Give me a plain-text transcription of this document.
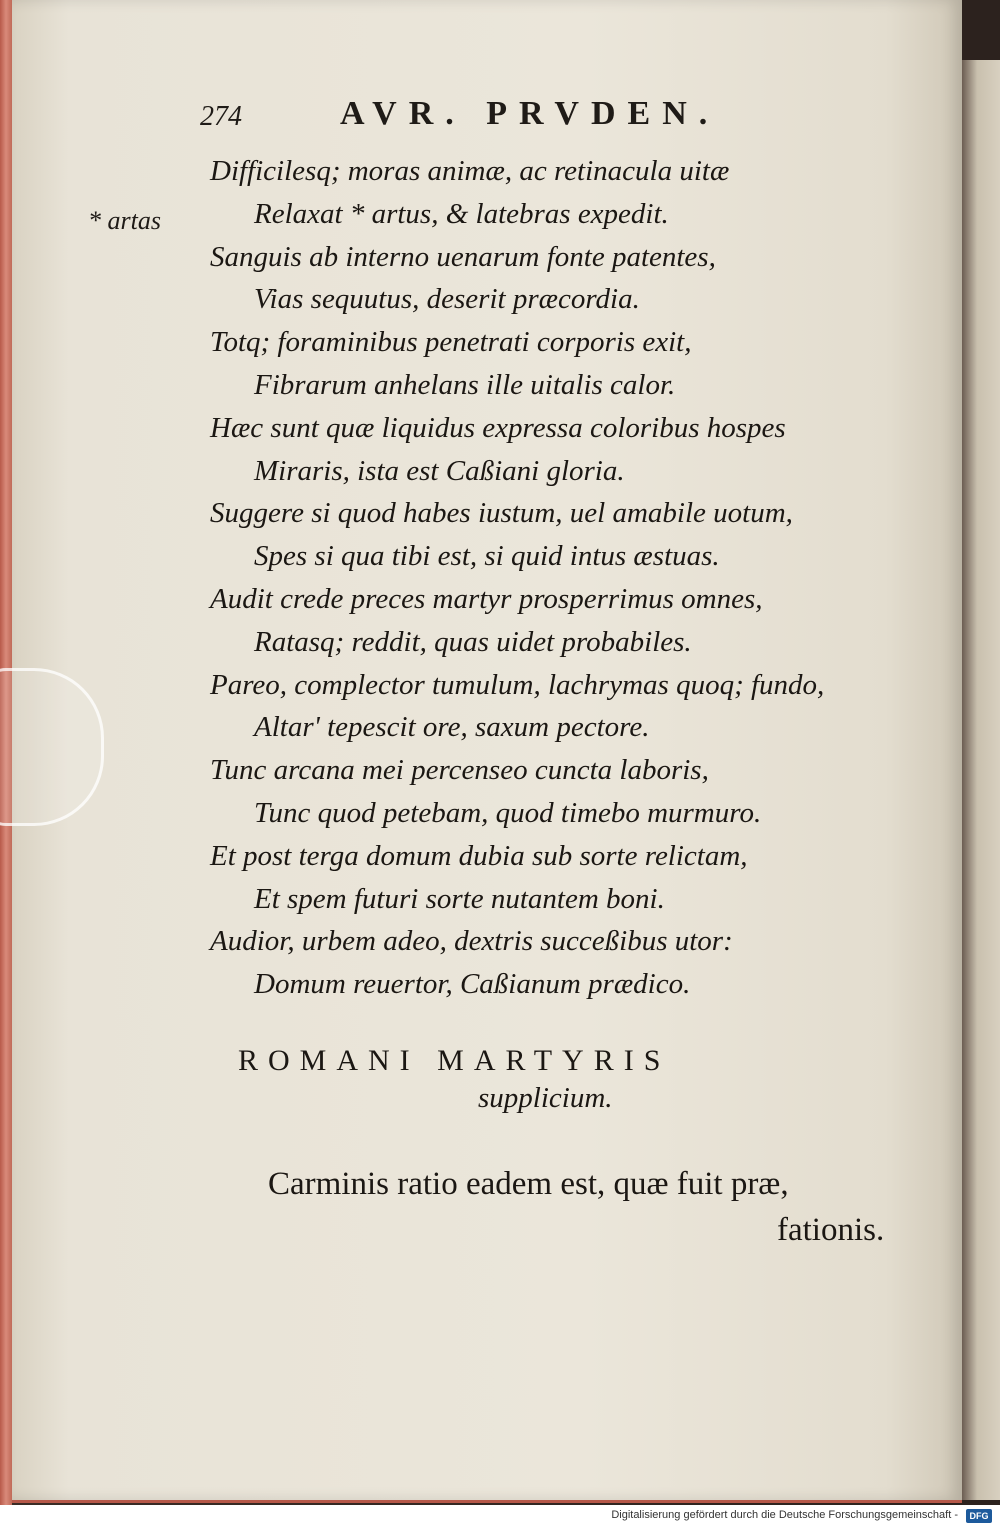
274	AVR. PRVDEN.
* artas
Difficilesq; moras animæ, ac retinacula uitæ
Relaxat * artus, & latebras expedit.
Sanguis ab interno uenarum fonte patentes,
Vias sequutus, deserit præcordia.
Totq; foraminibus penetrati corporis exit,
Fibrarum anhelans ille uitalis calor.
Hæc sunt quæ liquidus expressa coloribus hospes
Miraris, ista est Caßiani gloria.
Suggere si quod habes iustum, uel amabile uotum,
Spes si qua tibi est, si quid intus æstuas.
Audit crede preces martyr prosperrimus omnes,
Ratasq; reddit, quas uidet probabiles.
Pareo, complector tumulum, lachrymas quoq; fundo,
Altar' tepescit ore, saxum pectore.
Tunc arcana mei percenseo cuncta laboris,
Tunc quod petebam, quod timebo murmuro.
Et post terga domum dubia sub sorte relictam,
Et spem futuri sorte nutantem boni.
Audior, urbem adeo, dextris succeßibus utor:
Domum reuertor, Caßianum prædico.
ROMANI MARTYRIS
supplicium.
Carminis ratio eadem est, quæ fuit præ,
fationis.
Digitalisierung gefördert durch die Deutsche Forschungsgemeinschaft -	DFG
